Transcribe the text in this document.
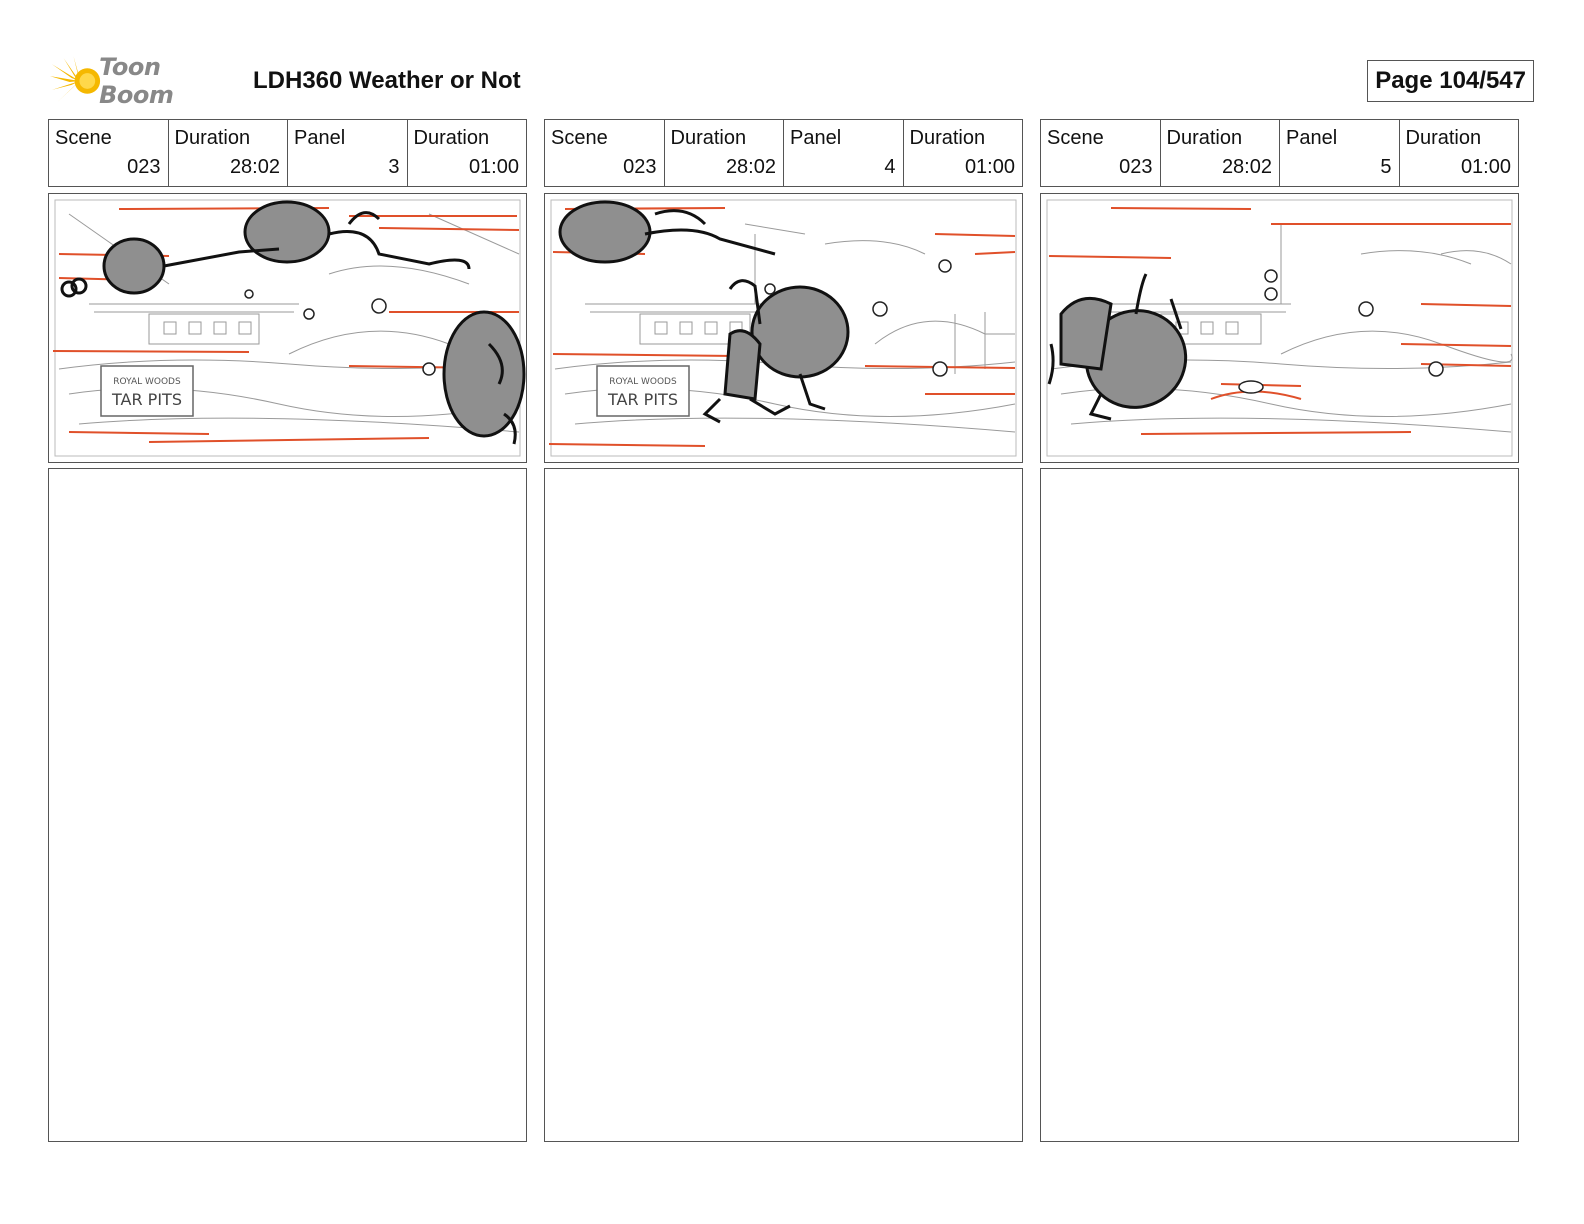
Toon Boom
LDH360 Weather or Not	Page 104/547
Scene
023
Duration
28:02
Panel
3
Duration
01:00
ROYAL WOODS
TAR PITS
Scene
023
Duration
28:02
Panel
4
Duration
01:00
ROYAL WOODS
TAR PITS
Scene
023
Duration
28:02
Panel
5
Duration
01:00
